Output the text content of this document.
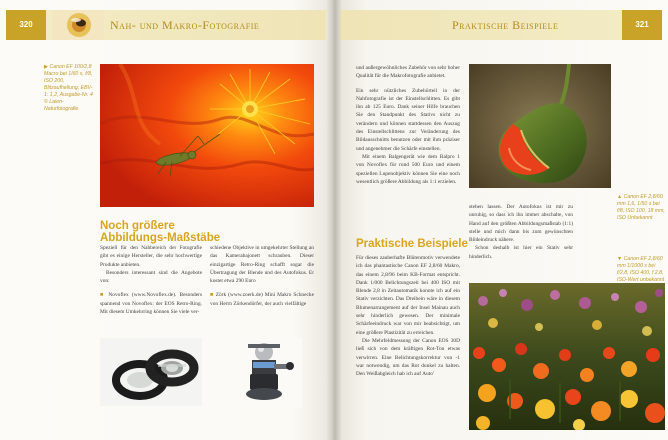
320	Nah- und Makro-Fotografie
▶ Canon EF 100/2,8 Macro bei 1/60 s, f/8, ISO 200, Blitzaufhellung, EBV-1: 1,2, Ausgabe-Nr. 4 © Laien-Naturfotografie
Noch größere
Abbildungs-Maßstäbe

Speziell für den Nahbereich der Fotografie gibt es einige Hersteller, die sehr hochwertige Produkte anbieten.

Besonders interessant sind die Angebote von:

■ Novoflex (www.Novoflex.de). Besonders spannend von Novoflex: der EOS Retro-Ring. Mit diesem Umkehrring können Sie viele ver-

schiedene Objektive in umgekehrter Stellung an das Kamerabajonett schrauben. Dieser einzigartige Retro-Ring schafft sogar die Übertragung der Blende und des Autofokus. Er kostet etwa 290 Euro

■ Zörk (www.zoerk.de) Mini Makro Schnecke von Herrn Zörkendörfer, der auch vielfältige

Praktische Beispiele	321

und außergewöhnliches Zubehör von sehr hoher Qualität für die Makrofotografie anbietet.

Ein sehr nützliches Zubehörteil in der Nahfotografie ist der Einstellschlitten. Es gibt ihn ab 125 Euro. Dank seiner Hilfe brauchen Sie den Standpunkt des Stativs nicht zu verändern und können stattdessen den Auszug des Einstellschlittens zur Veränderung des Bildausschnitts benutzen oder mit ihm präziser und angenehmer die Schärfe einstellen.

Mit einem Balgengerät wie dem Balpro 1 von Novoflex für rund 500 Euro und einem speziellen Lupenobjektiv können Sie eine noch wesentlich größere Abbildung als 1:1 erzielen.

Praktische Beispiele

Für dieses zauberhafte Blütenmotiv verwendete ich das phantastische Canon EF 2,8/60 Makro, das einem 2,8/96 beim KB-Format entspricht. Dank 1/000 Belichtungszeit bei 400 ISO mit Blende 2,8 in Zeitautomatik konnte ich auf ein Stativ verzichten. Das Dreibein wäre in diesem Blumenarrangement auf der Insel Mainau auch sehr hinderlich gewesen. Der minimale Schärfeeindruck war von mir beabsichtigt, um eine größere Plastizität zu erreichen.

Die Mehrfeldmessung der Canon EOS 30D ließ sich von dem kräftigen Rot-Ton etwas verwirren. Eine Belichtungskorrektur von -1 war notwendig, um das Rot dunkel zu halten. Den Weißabgleich hab ich auf Auto'

▲ Canon EF 2,8/60 mm 1,6, 1/50 s bei f/8, ISO 100, 18 mm, ISO Unbekannt

stehen lassen. Der Autofokus ist mir zu unruhig, so dass ich ihn immer abschalte, von Hand auf den größten Abbildungsmaßstab (1:1) stelle und mich dann bis zum gewünschten Bildeindruck nähere.

Schon deshalb ist hier ein Stativ sehr hinderlich.	▼ Canon EF 2,8/60 mm 1/1000 s bei f/2,8, ISO 400, f 2,8, ISO-Wert unbekannt
